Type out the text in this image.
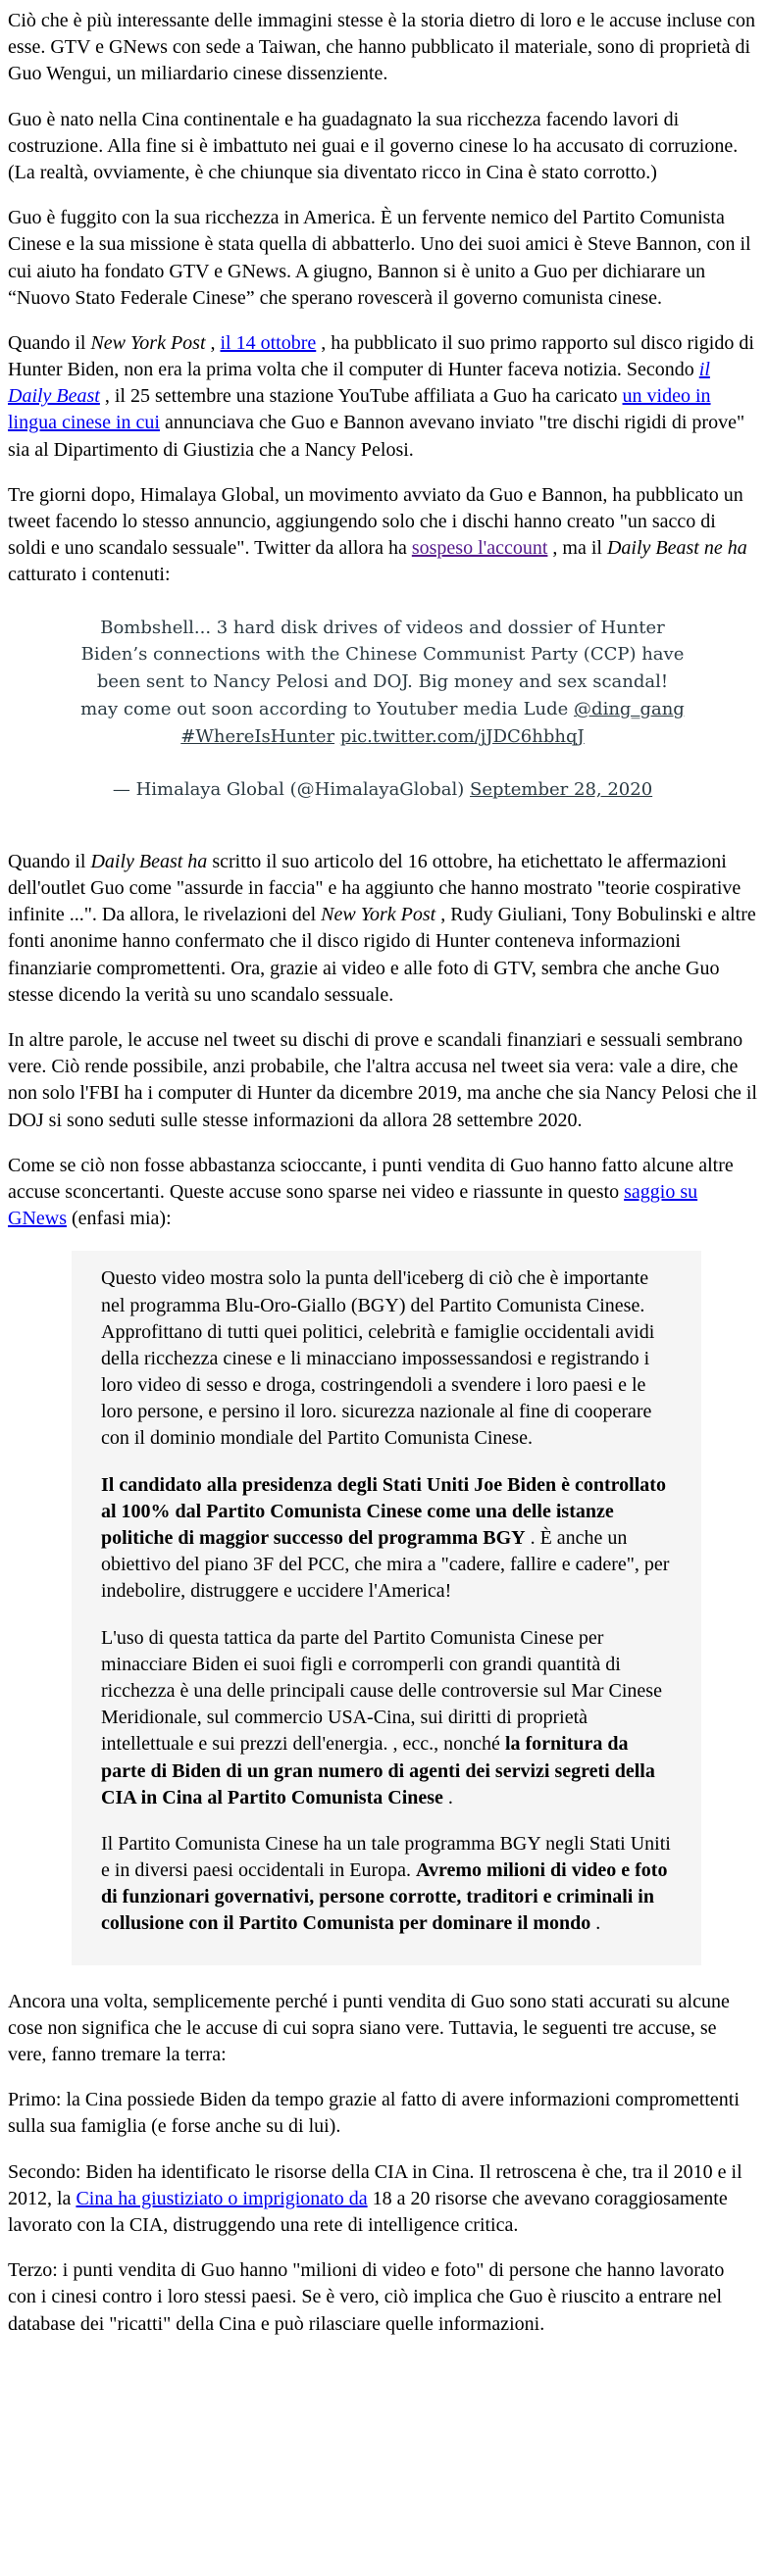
Ciò che è più interessante delle immagini stesse è la storia dietro di loro e le accuse incluse con esse. GTV e GNews con sede a Taiwan, che hanno pubblicato il materiale, sono di proprietà di Guo Wengui, un miliardario cinese dissenziente.

Guo è nato nella Cina continentale e ha guadagnato la sua ricchezza facendo lavori di costruzione. Alla fine si è imbattuto nei guai e il governo cinese lo ha accusato di corruzione. (La realtà, ovviamente, è che chiunque sia diventato ricco in Cina è stato corrotto.)

Guo è fuggito con la sua ricchezza in America. È un fervente nemico del Partito Comunista Cinese e la sua missione è stata quella di abbatterlo. Uno dei suoi amici è Steve Bannon, con il cui aiuto ha fondato GTV e GNews. A giugno, Bannon si è unito a Guo per dichiarare un “Nuovo Stato Federale Cinese” che sperano rovescerà il governo comunista cinese.

Quando il New York Post , il 14 ottobre , ha pubblicato il suo primo rapporto sul disco rigido di Hunter Biden, non era la prima volta che il computer di Hunter faceva notizia. Secondo il Daily Beast , il 25 settembre una stazione YouTube affiliata a Guo ha caricato un video in lingua cinese in cui annunciava che Guo e Bannon avevano inviato "tre dischi rigidi di prove" sia al Dipartimento di Giustizia che a Nancy Pelosi.

Tre giorni dopo, Himalaya Global, un movimento avviato da Guo e Bannon, ha pubblicato un tweet facendo lo stesso annuncio, aggiungendo solo che i dischi hanno creato "un sacco di soldi e uno scandalo sessuale". Twitter da allora ha sospeso l'account , ma il Daily Beast ne ha catturato i contenuti:

Bombshell... 3 hard disk drives of videos and dossier of Hunter Biden’s connections with the Chinese Communist Party (CCP) have been sent to Nancy Pelosi and DOJ. Big money and sex scandal! may come out soon according to Youtuber media Lude @ding_gang #WhereIsHunter pic.twitter.com/jJDC6hbhqJ

— Himalaya Global (@HimalayaGlobal) September 28, 2020

Quando il Daily Beast ha scritto il suo articolo del 16 ottobre, ha etichettato le affermazioni dell'outlet Guo come "assurde in faccia" e ha aggiunto che hanno mostrato "teorie cospirative infinite ...". Da allora, le rivelazioni del New York Post , Rudy Giuliani, Tony Bobulinski e altre fonti anonime hanno confermato che il disco rigido di Hunter conteneva informazioni finanziarie compromettenti. Ora, grazie ai video e alle foto di GTV, sembra che anche Guo stesse dicendo la verità su uno scandalo sessuale.

In altre parole, le accuse nel tweet su dischi di prove e scandali finanziari e sessuali sembrano vere. Ciò rende possibile, anzi probabile, che l'altra accusa nel tweet sia vera: vale a dire, che non solo l'FBI ha i computer di Hunter da dicembre 2019, ma anche che sia Nancy Pelosi che il DOJ si sono seduti sulle stesse informazioni da allora 28 settembre 2020.

Come se ciò non fosse abbastanza scioccante, i punti vendita di Guo hanno fatto alcune altre accuse sconcertanti. Queste accuse sono sparse nei video e riassunte in questo saggio su GNews (enfasi mia):

Questo video mostra solo la punta dell'iceberg di ciò che è importante nel programma Blu-Oro-Giallo (BGY) del Partito Comunista Cinese. Approfittano di tutti quei politici, celebrità e famiglie occidentali avidi della ricchezza cinese e li minacciano impossessandosi e registrando i loro video di sesso e droga, costringendoli a svendere i loro paesi e le loro persone, e persino il loro. sicurezza nazionale al fine di cooperare con il dominio mondiale del Partito Comunista Cinese.

Il candidato alla presidenza degli Stati Uniti Joe Biden è controllato al 100% dal Partito Comunista Cinese come una delle istanze politiche di maggior successo del programma BGY . È anche un obiettivo del piano 3F del PCC, che mira a "cadere, fallire e cadere", per indebolire, distruggere e uccidere l'America!

L'uso di questa tattica da parte del Partito Comunista Cinese per minacciare Biden ei suoi figli e corromperli con grandi quantità di ricchezza è una delle principali cause delle controversie sul Mar Cinese Meridionale, sul commercio USA-Cina, sui diritti di proprietà intellettuale e sui prezzi dell'energia. , ecc., nonché la fornitura da parte di Biden di un gran numero di agenti dei servizi segreti della CIA in Cina al Partito Comunista Cinese .

Il Partito Comunista Cinese ha un tale programma BGY negli Stati Uniti e in diversi paesi occidentali in Europa. Avremo milioni di video e foto di funzionari governativi, persone corrotte, traditori e criminali in collusione con il Partito Comunista per dominare il mondo .

Ancora una volta, semplicemente perché i punti vendita di Guo sono stati accurati su alcune cose non significa che le accuse di cui sopra siano vere. Tuttavia, le seguenti tre accuse, se vere, fanno tremare la terra:

Primo: la Cina possiede Biden da tempo grazie al fatto di avere informazioni compromettenti sulla sua famiglia (e forse anche su di lui).

Secondo: Biden ha identificato le risorse della CIA in Cina. Il retroscena è che, tra il 2010 e il 2012, la Cina ha giustiziato o imprigionato da 18 a 20 risorse che avevano coraggiosamente lavorato con la CIA, distruggendo una rete di intelligence critica.

Terzo: i punti vendita di Guo hanno "milioni di video e foto" di persone che hanno lavorato con i cinesi contro i loro stessi paesi. Se è vero, ciò implica che Guo è riuscito a entrare nel database dei "ricatti" della Cina e può rilasciare quelle informazioni.
